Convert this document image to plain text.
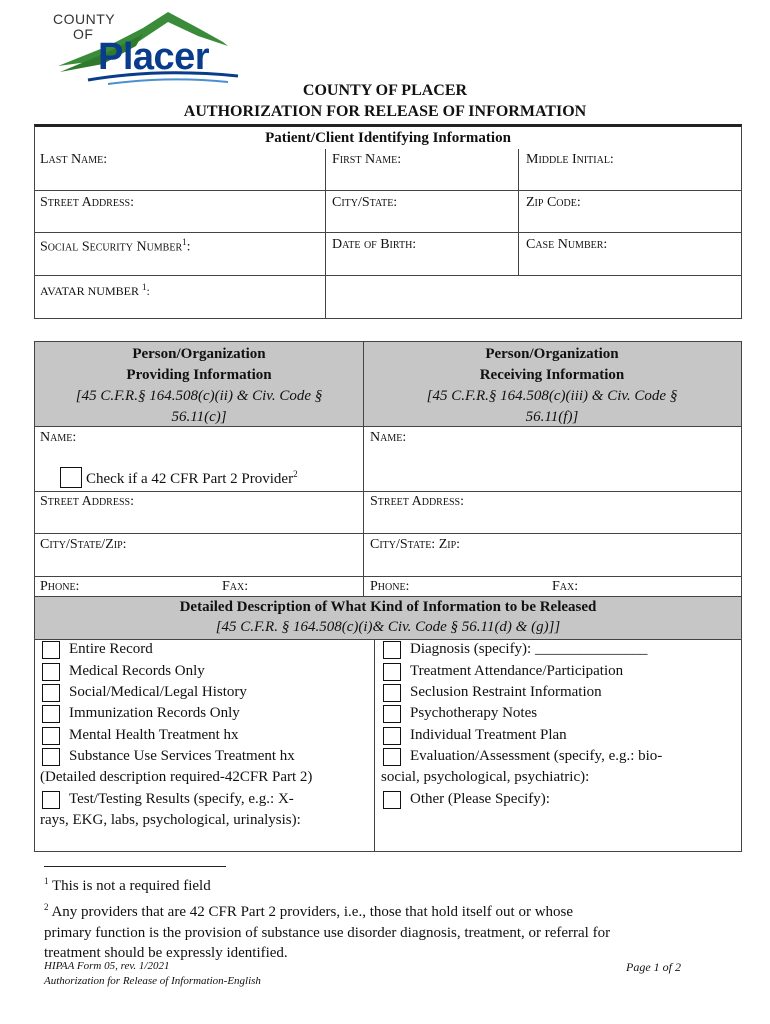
COUNTY
OF
Placer
COUNTY OF PLACER
AUTHORIZATION FOR RELEASE OF INFORMATION
Patient/Client Identifying Information
Last Name:	First Name:	Middle Initial:
Street Address:	City/State:	Zip Code:
Social Security Number$^1$:	Date of Birth:	Case Number:
AVATAR NUMBER $^1$:
Person/Organization
Providing Information
[45 C.F.R.§ 164.508(c)(ii) & Civ. Code §
56.11(c)]
Person/Organization
Receiving Information
[45 C.F.R.§ 164.508(c)(iii) & Civ. Code §
56.11(f)]
Name:	Name:
Check if a 42 CFR Part 2 Provider$^2$
Street Address:	Street Address:
City/State/Zip:	City/State: Zip:
Phone:	Fax:	Phone:	Fax:
Detailed Description of What Kind of Information to be Released
[45 C.F.R. § 164.508(c)(i)& Civ. Code § 56.11(d) & (g)]]
Entire Record
Medical Records Only
Social/Medical/Legal History
Immunization Records Only
Mental Health Treatment hx
Substance Use Services Treatment hx
(Detailed description required-42CFR Part 2)
Test/Testing Results (specify, e.g.: X-
rays, EKG, labs, psychological, urinalysis):
Diagnosis (specify): _______________
Treatment Attendance/Participation
Seclusion Restraint Information
Psychotherapy Notes
Individual Treatment Plan
Evaluation/Assessment (specify, e.g.: bio-
social, psychological, psychiatric):
Other (Please Specify):
$^1$ This is not a required field
$^2$ Any providers that are 42 CFR Part 2 providers, i.e., those that hold itself out or whose
primary function is the provision of substance use disorder diagnosis, treatment, or referral for
treatment should be expressly identified.
HIPAA Form 05, rev. 1/2021
Authorization for Release of Information-English
Page 1 of 2
